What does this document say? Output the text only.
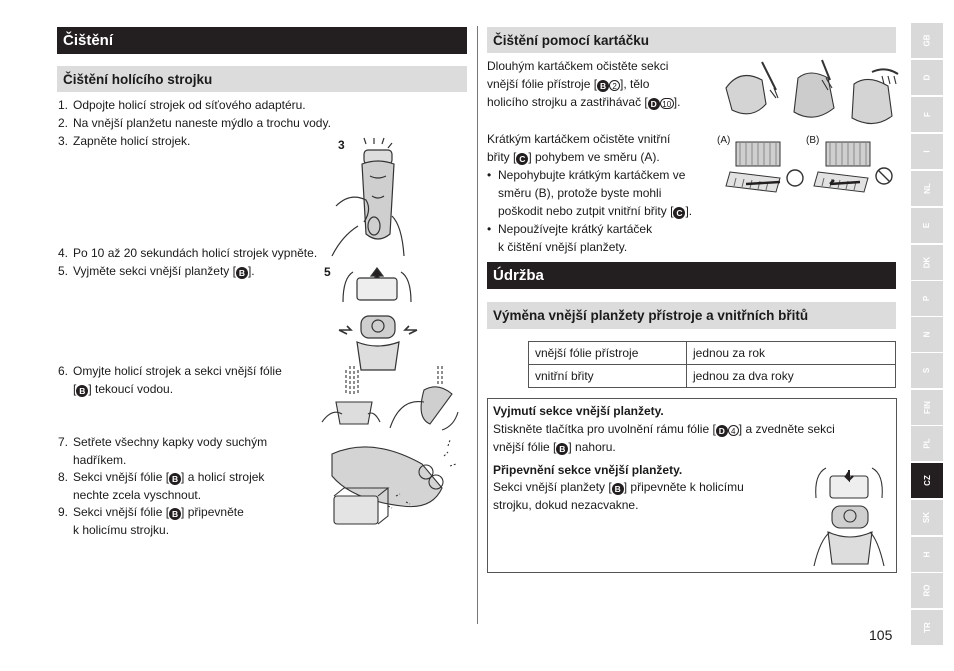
Čištění
Čištění holícího strojku
1. Odpojte holicí strojek od síťového adaptéru.
2. Na vnější planžetu naneste mýdlo a trochu vody.
3. Zapněte holicí strojek.
4. Po 10 až 20 sekundách holicí strojek vypněte.
5. Vyjměte sekci vnější planžety [ B ].
6. Omyjte holicí strojek a sekci vnější fólie
[ B ] tekoucí vodou.
7. Setřete všechny kapky vody suchým
hadříkem.
8. Sekci vnější fólie [ B ] a holicí strojek
nechte zcela vyschnout.
9. Sekci vnější fólie [ B ] připevněte
k holicímu strojku.
3
5
Čištění pomocí kartáčku
Dlouhým kartáčkem očistěte sekci
vnější fólie přístroje [ B 2 ], tělo
holicího strojku a zastřihávač [ D 10 ].
Krátkým kartáčkem očistěte vnitřní
břity [ C ] pohybem ve směru (A).
• Nepohybujte krátkým kartáčkem ve
směru (B), protože byste mohli
poškodit nebo zutpit vnitřní břity [ C ].
• Nepoužívejte krátký kartáček
k čištění vnější planžety.
(A)	(B)
Údržba
Výměna vnější planžety přístroje a vnitřních břitů
vnější fólie přístroje	jednou za rok
vnitřní břity	jednou za dva roky
Vyjmutí sekce vnější planžety.
Stiskněte tlačítka pro uvolnění rámu fólie [ D 4 ] a zvedněte sekci
vnější fólie [ B ] nahoru.
Připevnění sekce vnější planžety.
Sekci vnější planžety [ B ] připevněte k holicímu
strojku, dokud nezacvakne.
105
GB
D
F
I
NL
E
DK
P
N
S
FIN
PL
CZ
SK
H
RO
TR
